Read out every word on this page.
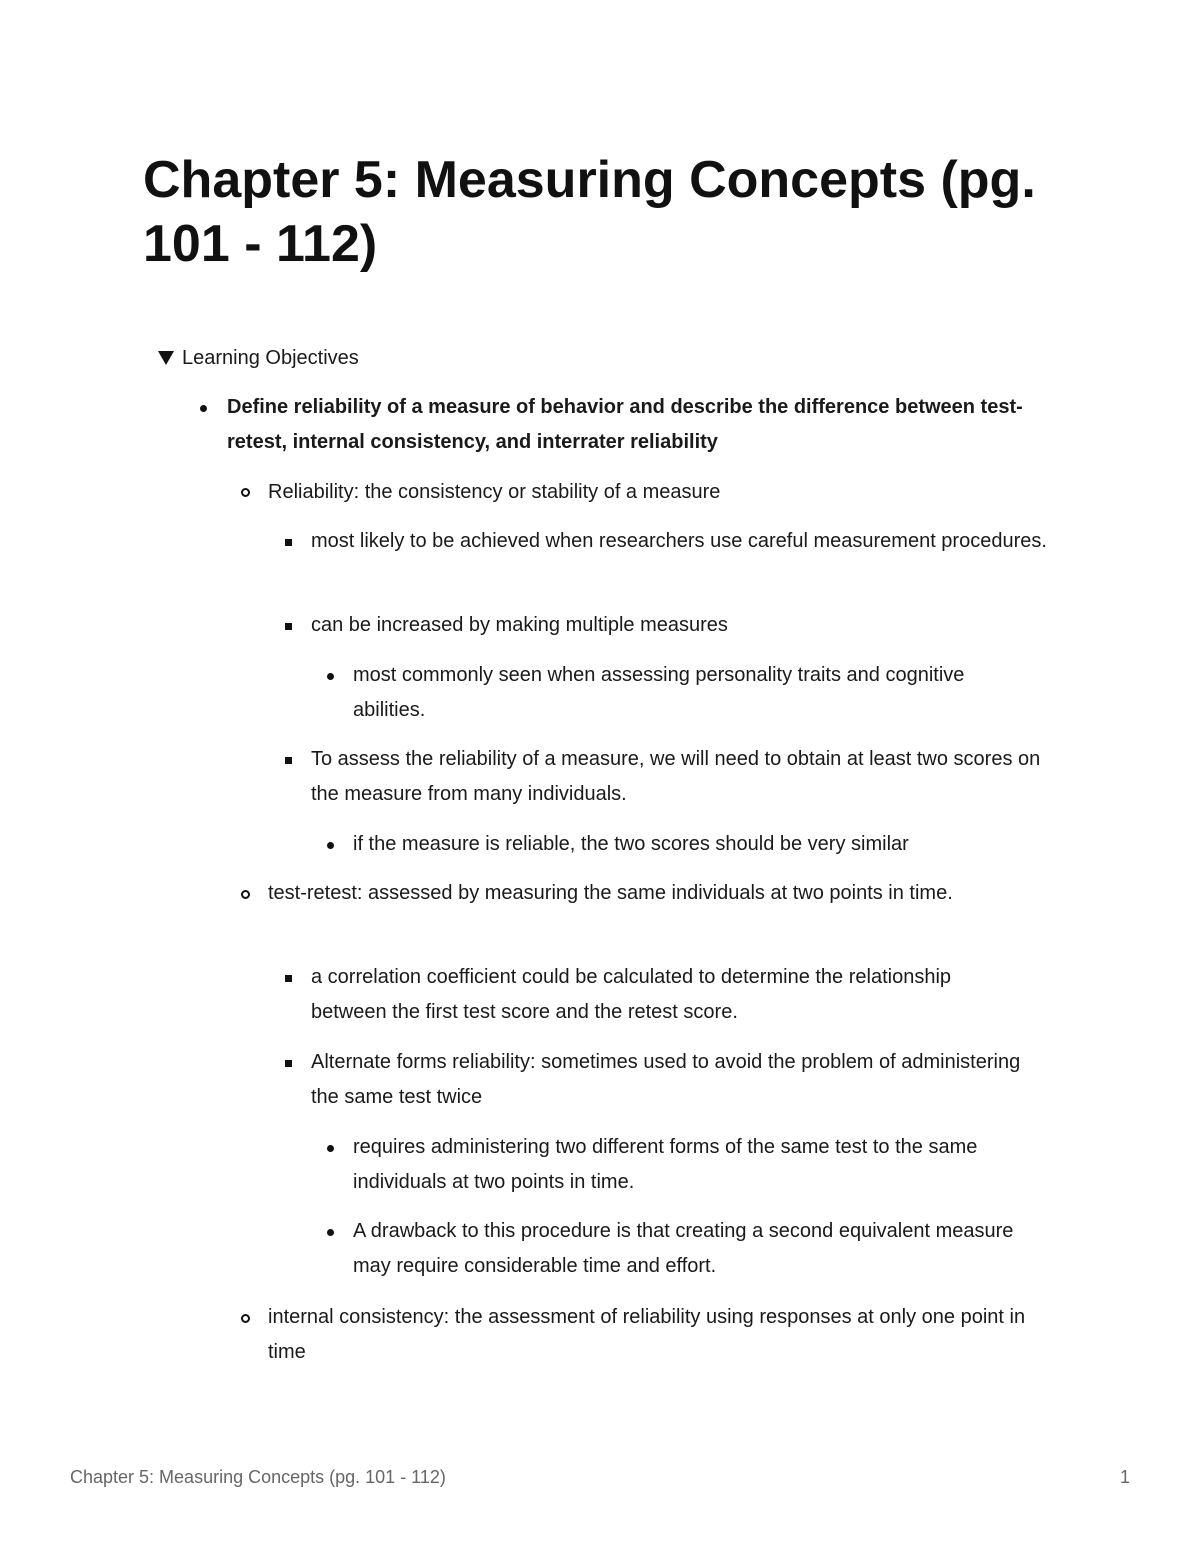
Chapter 5: Measuring Concepts (pg. 101 - 112)
Learning Objectives
Define reliability of a measure of behavior and describe the difference between test-retest, internal consistency, and interrater reliability
Reliability: the consistency or stability of a measure
most likely to be achieved when researchers use careful measurement procedures.
can be increased by making multiple measures
most commonly seen when assessing personality traits and cognitive abilities.
To assess the reliability of a measure, we will need to obtain at least two scores on the measure from many individuals.
if the measure is reliable, the two scores should be very similar
test-retest: assessed by measuring the same individuals at two points in time.
a correlation coefficient could be calculated to determine the relationship between the first test score and the retest score.
Alternate forms reliability: sometimes used to avoid the problem of administering the same test twice
requires administering two different forms of the same test to the same individuals at two points in time.
A drawback to this procedure is that creating a second equivalent measure may require considerable time and effort.
internal consistency: the assessment of reliability using responses at only one point in time
Chapter 5: Measuring Concepts (pg. 101 - 112)	1
